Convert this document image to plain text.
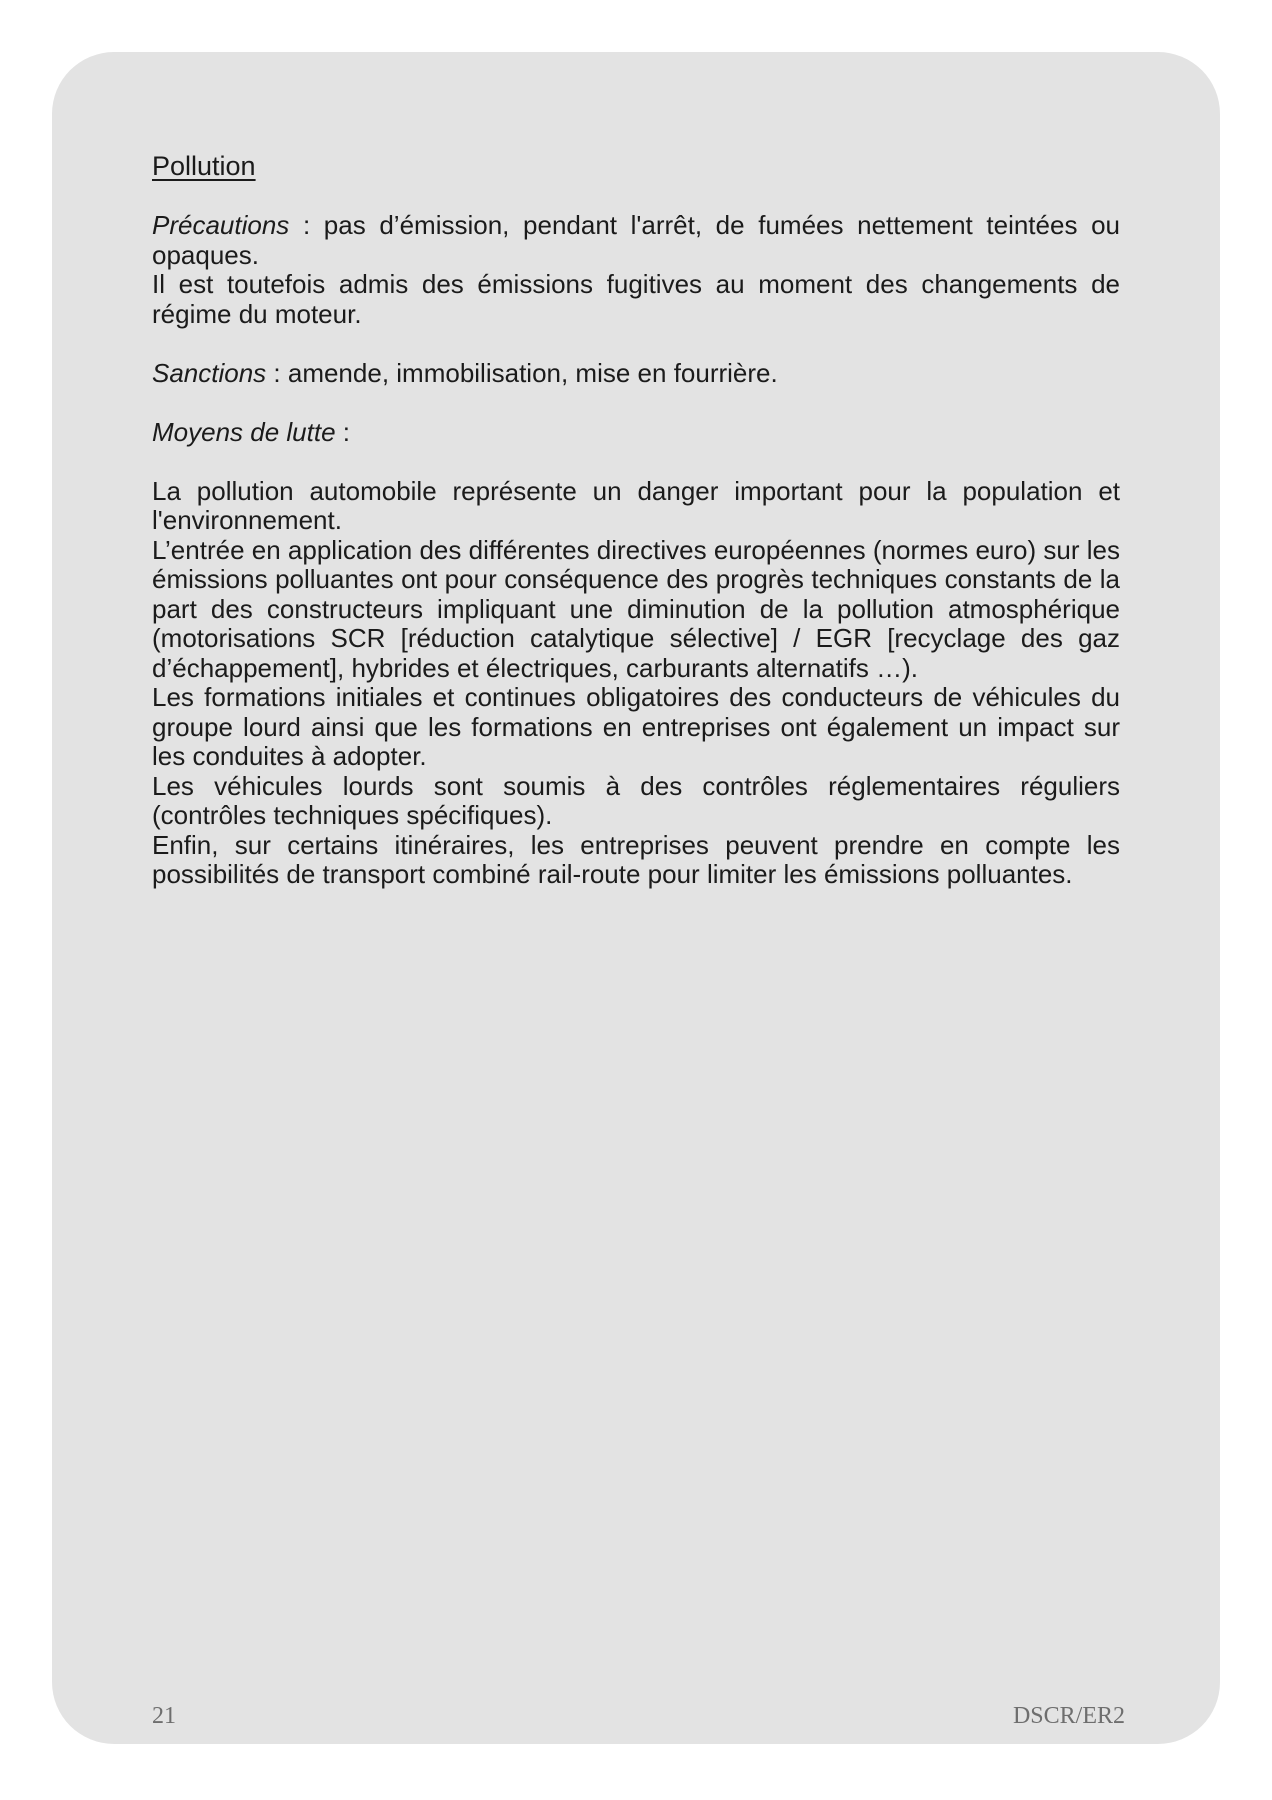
Pollution

Précautions : pas d’émission, pendant l'arrêt, de fumées nettement teintées ou opaques.

Il est toutefois admis des émissions fugitives au moment des changements de régime du moteur.

Sanctions : amende, immobilisation, mise en fourrière.

Moyens de lutte :

La pollution automobile représente un danger important pour la population et l'environnement.

L’entrée en application des différentes directives européennes (normes euro) sur les émissions polluantes ont pour conséquence des progrès techniques constants de la part des constructeurs impliquant une diminution de la pollution atmosphérique (motorisations SCR [réduction catalytique sélective] / EGR [recyclage des gaz d’échappement], hybrides et électriques, carburants alternatifs …).

Les formations initiales et continues obligatoires des conducteurs de véhicules du groupe lourd ainsi que les formations en entreprises ont également un impact sur les conduites à adopter.

Les véhicules lourds sont soumis à des contrôles réglementaires réguliers (contrôles techniques spécifiques).

Enfin, sur certains itinéraires, les entreprises peuvent prendre en compte les possibilités de transport combiné rail-route pour limiter les émissions polluantes.

21	DSCR/ER2
